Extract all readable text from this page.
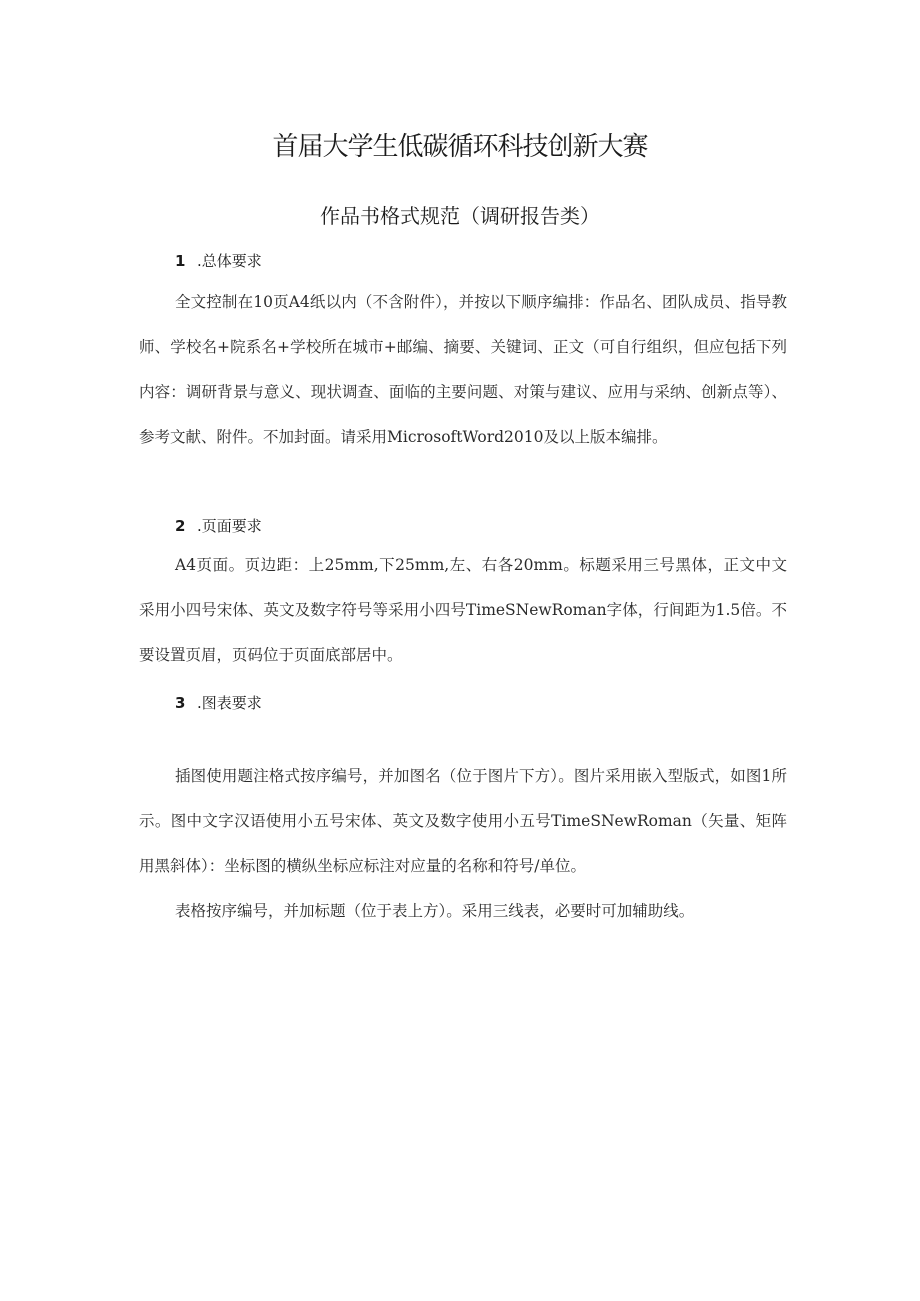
首届大学生低碳循环科技创新大赛
作品书格式规范（调研报告类）
1 .总体要求
全文控制在10页A4纸以内（不含附件），并按以下顺序编排：作品名、团队成员、指导教师、学校名+院系名+学校所在城市+邮编、摘要、关键词、正文（可自行组织，但应包括下列内容：调研背景与意义、现状调查、面临的主要问题、对策与建议、应用与采纳、创新点等）、参考文献、附件。不加封面。请采用MicrosoftWord2010及以上版本编排。
2 .页面要求
A4页面。页边距：上25mm,下25mm,左、右各20mm。标题采用三号黑体，正文中文采用小四号宋体、英文及数字符号等采用小四号TimeSNewRoman字体，行间距为1.5倍。不要设置页眉，页码位于页面底部居中。
3 .图表要求
插图使用题注格式按序编号，并加图名（位于图片下方）。图片采用嵌入型版式，如图1所示。图中文字汉语使用小五号宋体、英文及数字使用小五号TimeSNewRoman（矢量、矩阵用黑斜体）：坐标图的横纵坐标应标注对应量的名称和符号/单位。
表格按序编号，并加标题（位于表上方）。采用三线表，必要时可加辅助线。
